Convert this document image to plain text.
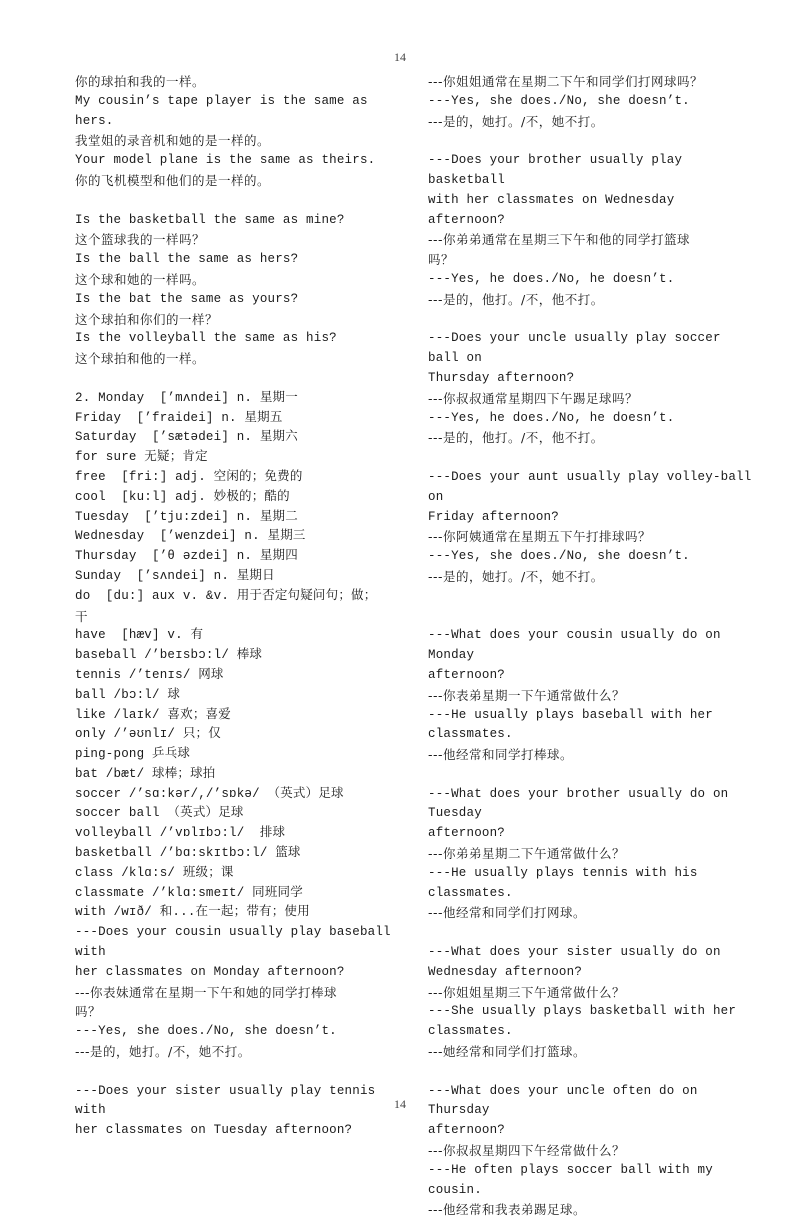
14
你的球拍和我的一样。
My cousin’s tape player is the same as hers.
我堂姐的录音机和她的是一样的。
Your model plane is the same as theirs.
你的飞机模型和他们的是一样的。
Is the basketball the same as mine?
这个篮球我的一样吗？
Is the ball the same as hers?
这个球和她的一样吗。
Is the bat the same as yours?
这个球拍和你们的一样？
Is the volleyball the same as his?
这个球拍和他的一样。
2. Monday  [’mʌndei] n. 星期一
Friday  [’fraidei] n. 星期五
Saturday  [’sætədei] n. 星期六
for sure 无疑；肯定
free  [fri:] adj. 空闲的；免费的
cool  [ku:l] adj. 妙极的；酷的
Tuesday  [’tju:zdei] n. 星期二
Wednesday  [’wenzdei] n. 星期三
Thursday  [’θ əzdei] n. 星期四
Sunday  [’sʌndei] n. 星期日
do  [du:] aux v. &v. 用于否定句疑问句；做；
干
have  [hæv] v. 有
baseball /’beɪsbɔ:l/ 棒球
tennis /’tenɪs/ 网球
ball /bɔ:l/ 球
like /laɪk/ 喜欢；喜爱
only /’əʊnlɪ/ 只；仅
ping-pong 乒乓球
bat /bæt/ 球棒；球拍
soccer /’sɑ:kər/,/’sɒkə/ （英式）足球
soccer ball （英式）足球
volleyball /’vɒlɪbɔ:l/  排球
basketball /’bɑ:skɪtbɔ:l/ 篮球
class /klɑ:s/ 班级；课
classmate /’klɑ:smeɪt/ 同班同学
with /wɪð/ 和...在一起；带有；使用
---Does your cousin usually play baseball with
her classmates on Monday afternoon?
---你表妹通常在星期一下午和她的同学打棒球
吗？
---Yes, she does./No, she doesn’t.
---是的，她打。/不，她不打。
---Does your sister usually play tennis with
her classmates on Tuesday afternoon?
---你姐姐通常在星期二下午和同学们打网球吗？
---Yes, she does./No, she doesn’t.
---是的，她打。/不，她不打。
---Does your brother usually play basketball
with her classmates on Wednesday afternoon?
---你弟弟通常在星期三下午和他的同学打篮球
吗？
---Yes, he does./No, he doesn’t.
---是的，他打。/不，他不打。
---Does your uncle usually play soccer ball on
Thursday afternoon?
---你叔叔通常星期四下午踢足球吗？
---Yes, he does./No, he doesn’t.
---是的，他打。/不，他不打。
---Does your aunt usually play volley-ball on
Friday afternoon?
---你阿姨通常在星期五下午打排球吗？
---Yes, she does./No, she doesn’t.
---是的，她打。/不，她不打。
---What does your cousin usually do on Monday
afternoon?
---你表弟星期一下午通常做什么？
---He usually plays baseball with her
classmates.
---他经常和同学打棒球。
---What does your brother usually do on Tuesday
afternoon?
---你弟弟星期二下午通常做什么？
---He usually plays tennis with his
classmates.
---他经常和同学们打网球。
---What does your sister usually do on
Wednesday afternoon?
---你姐姐星期三下午通常做什么？
---She usually plays basketball with her
classmates.
---她经常和同学们打篮球。
---What does your uncle often do on Thursday
afternoon?
---你叔叔星期四下午经常做什么？
---He often plays soccer ball with my cousin.
---他经常和我表弟踢足球。
14
